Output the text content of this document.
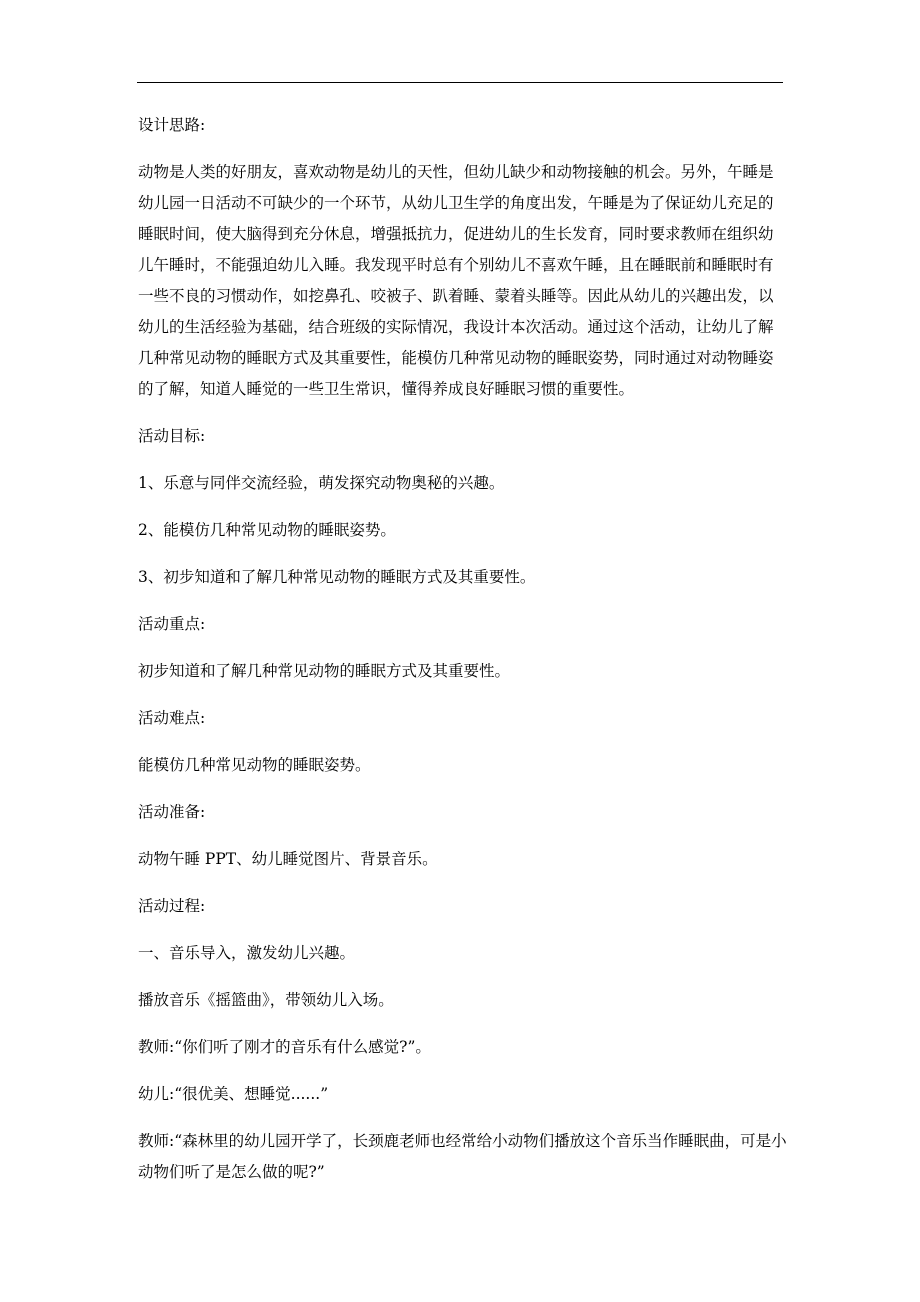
设计思路:

动物是人类的好朋友，喜欢动物是幼儿的天性，但幼儿缺少和动物接触的机会。另外，午睡是幼儿园一日活动不可缺少的一个环节，从幼儿卫生学的角度出发，午睡是为了保证幼儿充足的睡眠时间，使大脑得到充分休息，增强抵抗力，促进幼儿的生长发育，同时要求教师在组织幼儿午睡时，不能强迫幼儿入睡。我发现平时总有个别幼儿不喜欢午睡，且在睡眠前和睡眠时有一些不良的习惯动作，如挖鼻孔、咬被子、趴着睡、蒙着头睡等。因此从幼儿的兴趣出发，以幼儿的生活经验为基础，结合班级的实际情况，我设计本次活动。通过这个活动，让幼儿了解几种常见动物的睡眠方式及其重要性，能模仿几种常见动物的睡眠姿势，同时通过对动物睡姿的了解，知道人睡觉的一些卫生常识，懂得养成良好睡眠习惯的重要性。

活动目标:

1、乐意与同伴交流经验，萌发探究动物奥秘的兴趣。

2、能模仿几种常见动物的睡眠姿势。

3、初步知道和了解几种常见动物的睡眠方式及其重要性。

活动重点:

初步知道和了解几种常见动物的睡眠方式及其重要性。

活动难点:

能模仿几种常见动物的睡眠姿势。

活动准备:

动物午睡 PPT、幼儿睡觉图片、背景音乐。

活动过程:

一、音乐导入，激发幼儿兴趣。

播放音乐《摇篮曲》，带领幼儿入场。

教师:“你们听了刚才的音乐有什么感觉?”。

幼儿:“很优美、想睡觉......”

教师:“森林里的幼儿园开学了，长颈鹿老师也经常给小动物们播放这个音乐当作睡眠曲，可是小动物们听了是怎么做的呢?”
